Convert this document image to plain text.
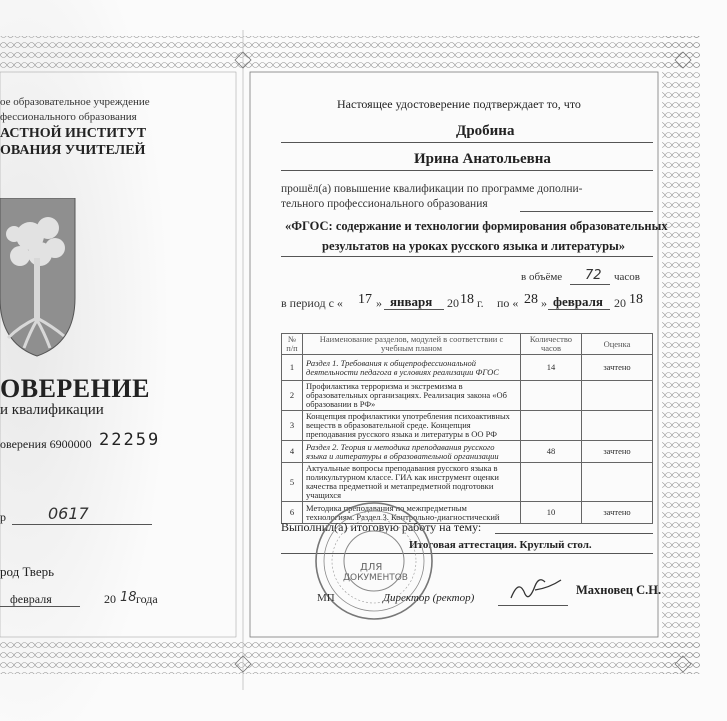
ое образовательное учреждение
фессионального образования
АСТНОЙ ИНСТИТУТ
ОВАНИЯ УЧИТЕЛЕЙ
ОВЕРЕНИЕ
и квалификации
оверения 6900000 22259
р	0617
род Тверь
февраля	20 18 года
Настоящее удостоверение подтверждает то, что
Дробина
Ирина Анатольевна
прошёл(а) повышение квалификации по программе дополни-
тельного профессионального образования
«ФГОС: содержание и технологии формирования образовательных
результатов на уроках русского языка и литературы»
в объёме 72 часов
в период с « 17 » января 20 18 г. по « 28 » февраля 20 18
№ п/п	Наименование разделов, модулей в соответствии с учебным планом	Количество часов	Оценка
1	Раздел 1. Требования к общепрофессиональной деятельности педагога в условиях реализации ФГОС	14	зачтено
2	Профилактика терроризма и экстремизма в образовательных организациях. Реализация закона «Об образовании в РФ»		
3	Концепция профилактики употребления психоактивных веществ в образовательной среде. Концепция преподавания русского языка и литературы в ОО РФ		
4	Раздел 2. Теория и методика преподавания русского языка и литературы в образовательной организации	48	зачтено
5	Актуальные вопросы преподавания русского языка в поликультурном классе. ГИА как инструмент оценки качества предметной и метапредметной подготовки учащихся		
6	Методика преподавания по межпредметным технологиям. Раздел 3. Контрольно-диагностический	10	зачтено
Выполнил(а) итоговую работу на тему:
Итоговая аттестация. Круглый стол.
ДЛЯ
ДОКУМЕНТОВ
МП	Директор (ректор)
Махновец С.Н.
